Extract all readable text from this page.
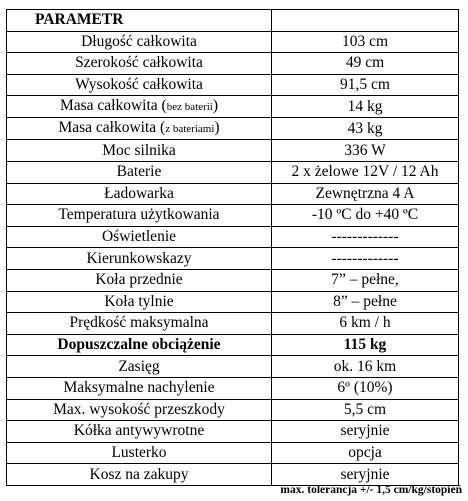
PARAMETR	
Długość całkowita	103 cm
Szerokość całkowita	49 cm
Wysokość całkowita	91,5 cm
Masa całkowita (bez baterii)	14 kg
Masa całkowita (z bateriami)	43 kg
Moc silnika	336 W
Baterie	2 x żelowe 12V / 12 Ah
Ładowarka	Zewnętrzna 4 A
Temperatura użytkowania	-10 ºC do +40 ºC
Oświetlenie	-------------
Kierunkowskazy	-------------
Koła przednie	7” – pełne,
Koła tylnie	8” – pełne
Prędkość maksymalna	6 km / h
Dopuszczalne obciążenie	115 kg
Zasięg	ok. 16 km
Maksymalne nachylenie	6º (10%)
Max. wysokość przeszkody	5,5 cm
Kółka antywywrotne	seryjnie
Lusterko	opcja
Kosz na zakupy	seryjnie
max. tolerancja +/- 1,5 cm/kg/stopień
